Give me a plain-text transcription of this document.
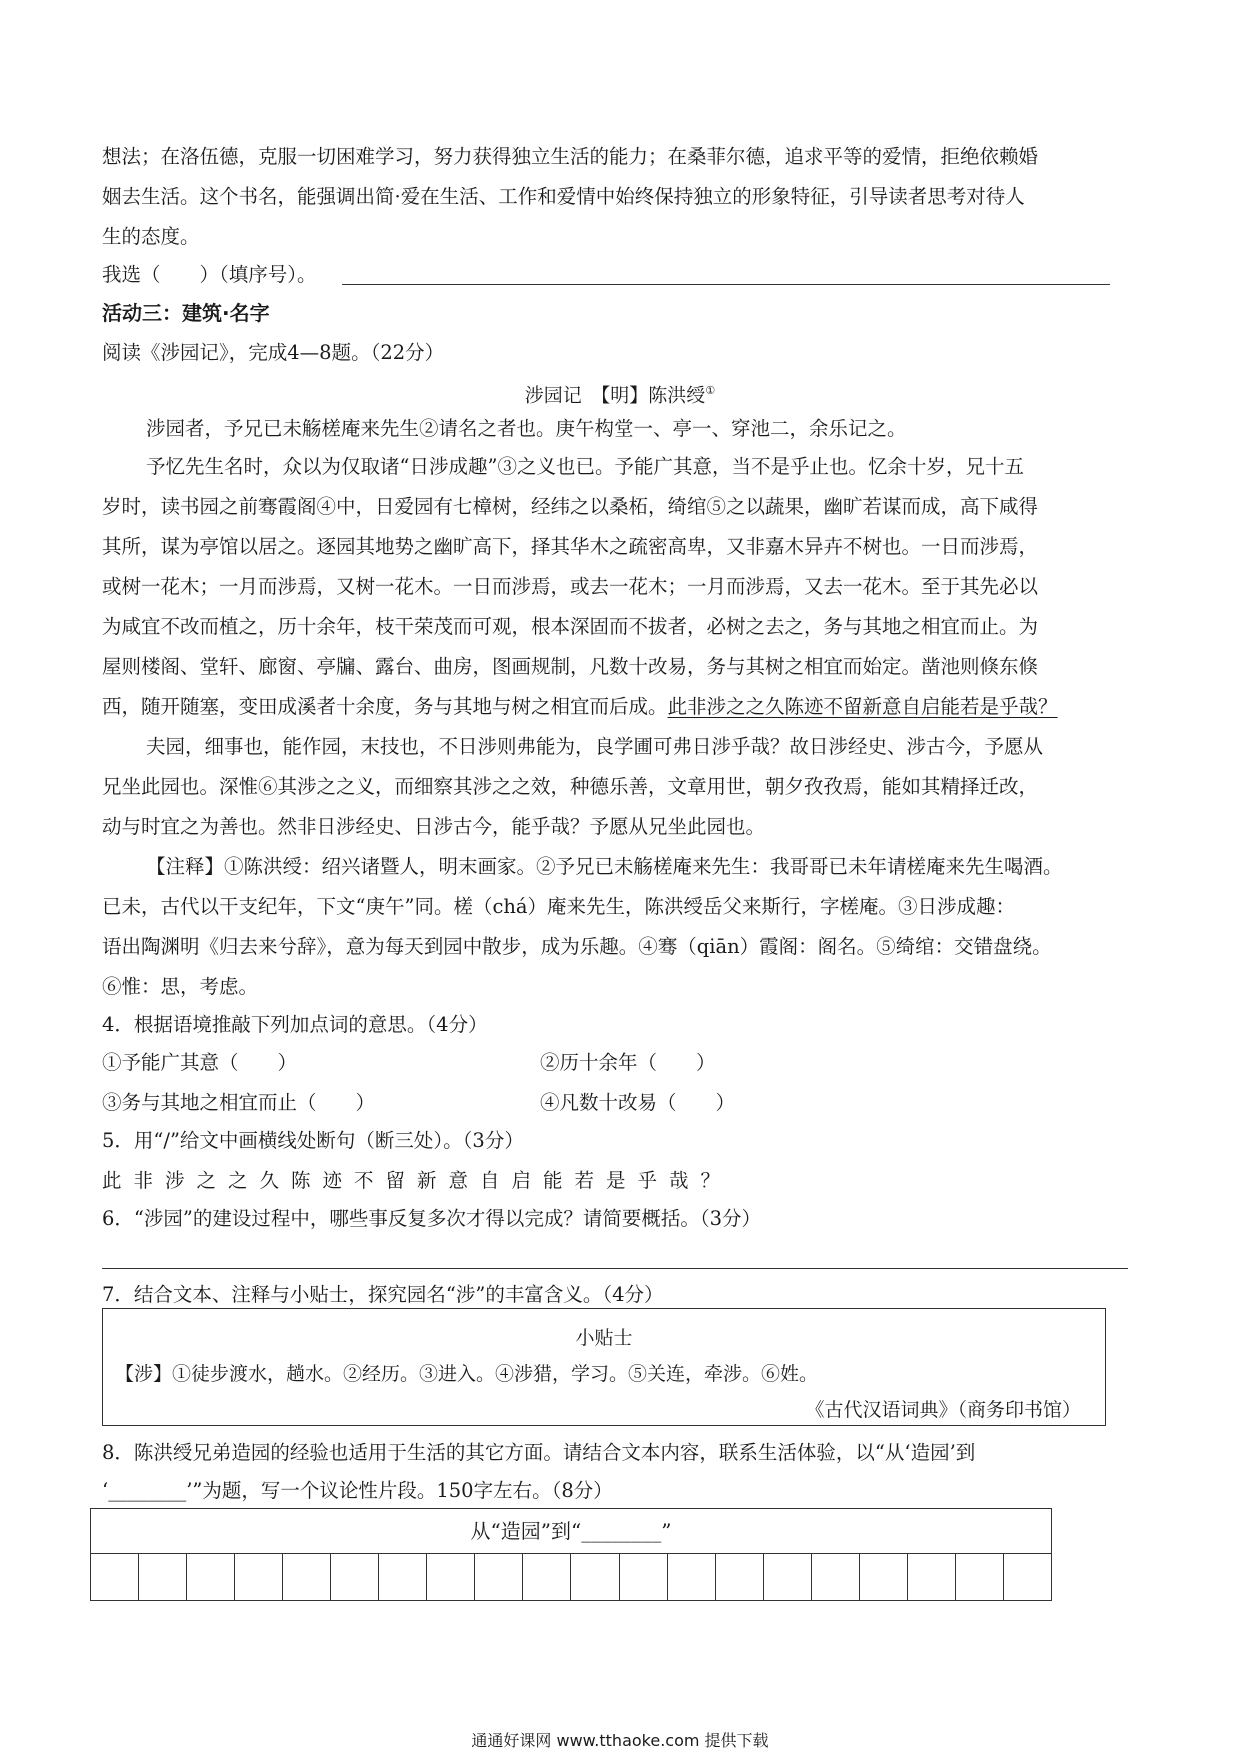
想法；在洛伍德，克服一切困难学习，努力获得独立生活的能力；在桑菲尔德，追求平等的爱情，拒绝依赖婚
姻去生活。这个书名，能强调出简·爱在生活、工作和爱情中始终保持独立的形象特征，引导读者思考对待人
生的态度。
我选（　　）（填序号）。
活动三：建筑·名字
阅读《涉园记》，完成4—8题。（22分）
涉园记　【明】陈洪绶①
涉园者，予兄已未觞槎庵来先生②请名之者也。庚午构堂一、亭一、穿池二，余乐记之。
予忆先生名时，众以为仅取诸“日涉成趣”③之义也已。予能广其意，当不是乎止也。忆余十岁，兄十五
岁时，读书园之前骞霞阁④中，日爱园有七樟树，经纬之以桑柘，绮绾⑤之以蔬果，幽旷若谋而成，高下咸得
其所，谋为亭馆以居之。逐园其地势之幽旷高下，择其华木之疏密高卑，又非嘉木异卉不树也。一日而涉焉，
或树一花木；一月而涉焉，又树一花木。一日而涉焉，或去一花木；一月而涉焉，又去一花木。至于其先必以
为咸宜不改而植之，历十余年，枝干荣茂而可观，根本深固而不拔者，必树之去之，务与其地之相宜而止。为
屋则楼阁、堂轩、廊窗、亭牖、露台、曲房，图画规制，凡数十改易，务与其树之相宜而始定。凿池则倏东倏
西，随开随塞，变田成溪者十余度，务与其地与树之相宜而后成。此非涉之之久陈迹不留新意自启能若是乎哉？
夫园，细事也，能作园，末技也，不日涉则弗能为，良学圃可弗日涉乎哉？故日涉经史、涉古今，予愿从
兄坐此园也。深惟⑥其涉之之义，而细察其涉之之效，种德乐善，文章用世，朝夕孜孜焉，能如其精择迁改，
动与时宜之为善也。然非日涉经史、日涉古今，能乎哉？予愿从兄坐此园也。
【注释】①陈洪绶：绍兴诸暨人，明末画家。②予兄已未觞槎庵来先生：我哥哥已未年请槎庵来先生喝酒。
已未，古代以干支纪年，下文“庚午”同。槎（chá）庵来先生，陈洪绶岳父来斯行，字槎庵。③日涉成趣：
语出陶渊明《归去来兮辞》，意为每天到园中散步，成为乐趣。④骞（qiān）霞阁：阁名。⑤绮绾：交错盘绕。
⑥惟：思，考虑。
4．根据语境推敲下列加点词的意思。（4分）
①予能广其意（　　）	②历十余年（　　）
③务与其地之相宜而止（　　）	④凡数十改易（　　）
5．用“/”给文中画横线处断句（断三处）。（3分）
此非涉之之久陈迹不留新意自启能若是乎哉？
6．“涉园”的建设过程中，哪些事反复多次才得以完成？请简要概括。（3分）
7．结合文本、注释与小贴士，探究园名“涉”的丰富含义。（4分）
小贴士
【涉】①徒步渡水，趟水。②经历。③进入。④涉猎，学习。⑤关连，牵涉。⑥姓。
《古代汉语词典》（商务印书馆）
8．陈洪绶兄弟造园的经验也适用于生活的其它方面。请结合文本内容，联系生活体验，以“从‘造园’到
‘________’”为题，写一个议论性片段。150字左右。（8分）
从“造园”到“________”
通通好课网 www.tthaoke.com 提供下载
